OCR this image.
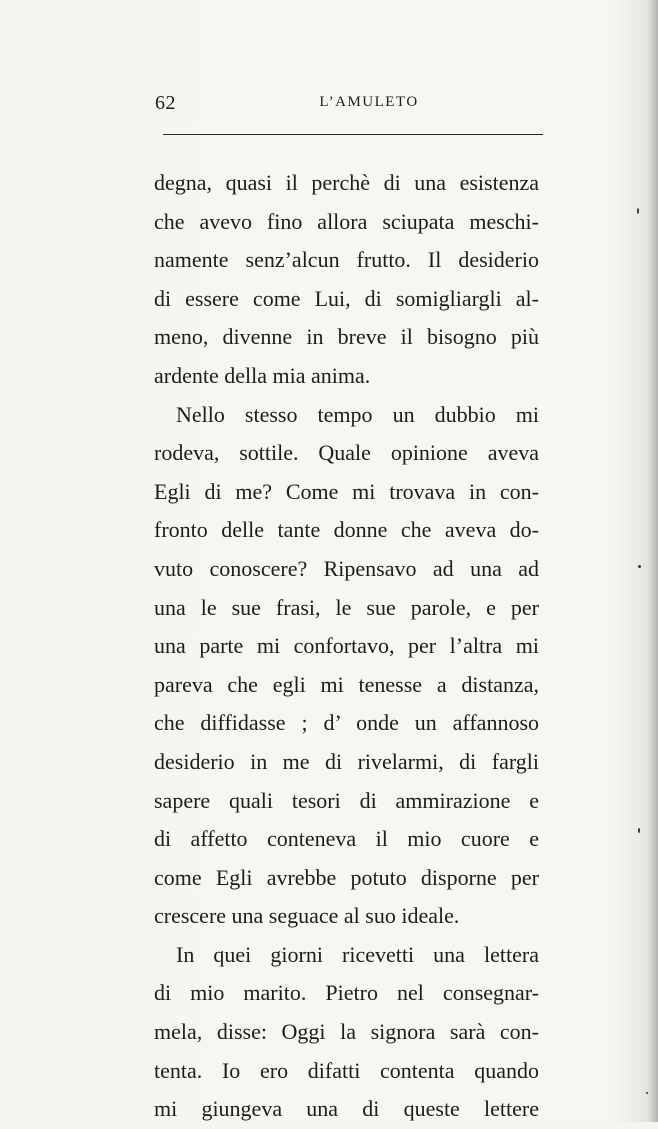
62	L’AMULETO
degna, quasi il perchè di una esistenza
che avevo fino allora sciupata meschi-
namente senz’alcun frutto. Il desiderio
di essere come Lui, di somigliargli al-
meno, divenne in breve il bisogno più
ardente della mia anima.
Nello stesso tempo un dubbio mi
rodeva, sottile. Quale opinione aveva
Egli di me? Come mi trovava in con-
fronto delle tante donne che aveva do-
vuto conoscere? Ripensavo ad una ad
una le sue frasi, le sue parole, e per
una parte mi confortavo, per l’altra mi
pareva che egli mi tenesse a distanza,
che diffidasse ; d’ onde un affannoso
desiderio in me di rivelarmi, di fargli
sapere quali tesori di ammirazione e
di affetto conteneva il mio cuore e
come Egli avrebbe potuto disporne per
crescere una seguace al suo ideale.
In quei giorni ricevetti una lettera
di mio marito. Pietro nel consegnar-
mela, disse: Oggi la signora sarà con-
tenta. Io ero difatti contenta quando
mi giungeva una di queste lettere
